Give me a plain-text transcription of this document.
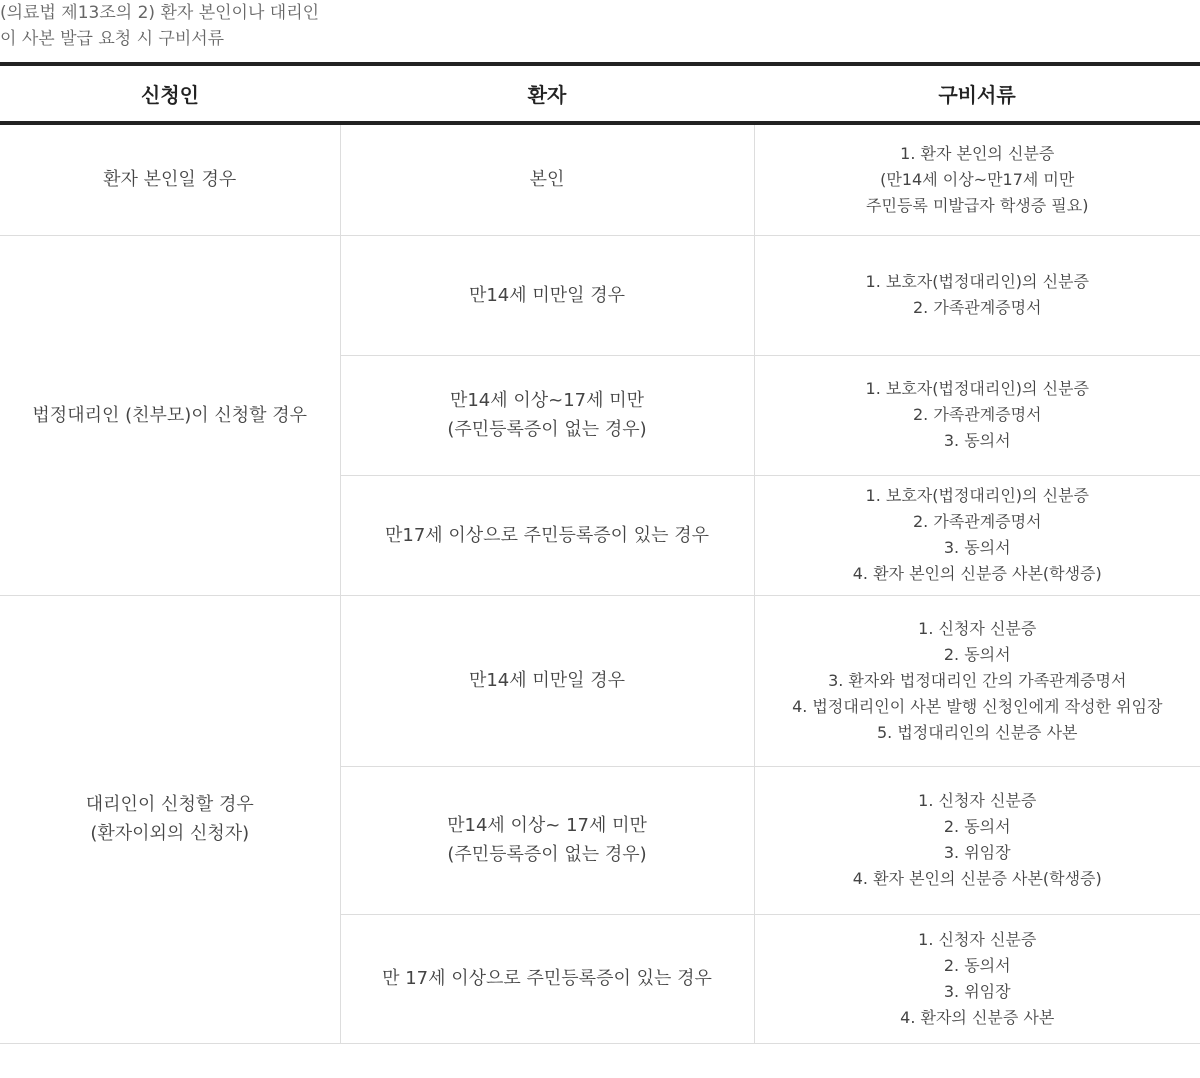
(의료법 제13조의 2) 환자 본인이나 대리인
이 사본 발급 요청 시 구비서류
신청인	환자	구비서류

환자 본인일 경우	본인	1. 환자 본인의 신분증
(만14세 이상~만17세 미만
주민등록 미발급자 학생증 필요)

법정대리인 (친부모)이 신청할 경우	만14세 미만일 경우	1. 보호자(법정대리인)의 신분증
2. 가족관계증명서

	만14세 이상~17세 미만
(주민등록증이 없는 경우)	1. 보호자(법정대리인)의 신분증
2. 가족관계증명서
3. 동의서

	만17세 이상으로 주민등록증이 있는 경우	1. 보호자(법정대리인)의 신분증
2. 가족관계증명서
3. 동의서
4. 환자 본인의 신분증 사본(학생증)

대리인이 신청할 경우
(환자이외의 신청자)	만14세 미만일 경우	1. 신청자 신분증
2. 동의서
3. 환자와 법정대리인 간의 가족관계증명서
4. 법정대리인이 사본 발행 신청인에게 작성한 위임장
5. 법정대리인의 신분증 사본

	만14세 이상~ 17세 미만
(주민등록증이 없는 경우)	1. 신청자 신분증
2. 동의서
3. 위임장
4. 환자 본인의 신분증 사본(학생증)

	만 17세 이상으로 주민등록증이 있는 경우	1. 신청자 신분증
2. 동의서
3. 위임장
4. 환자의 신분증 사본
